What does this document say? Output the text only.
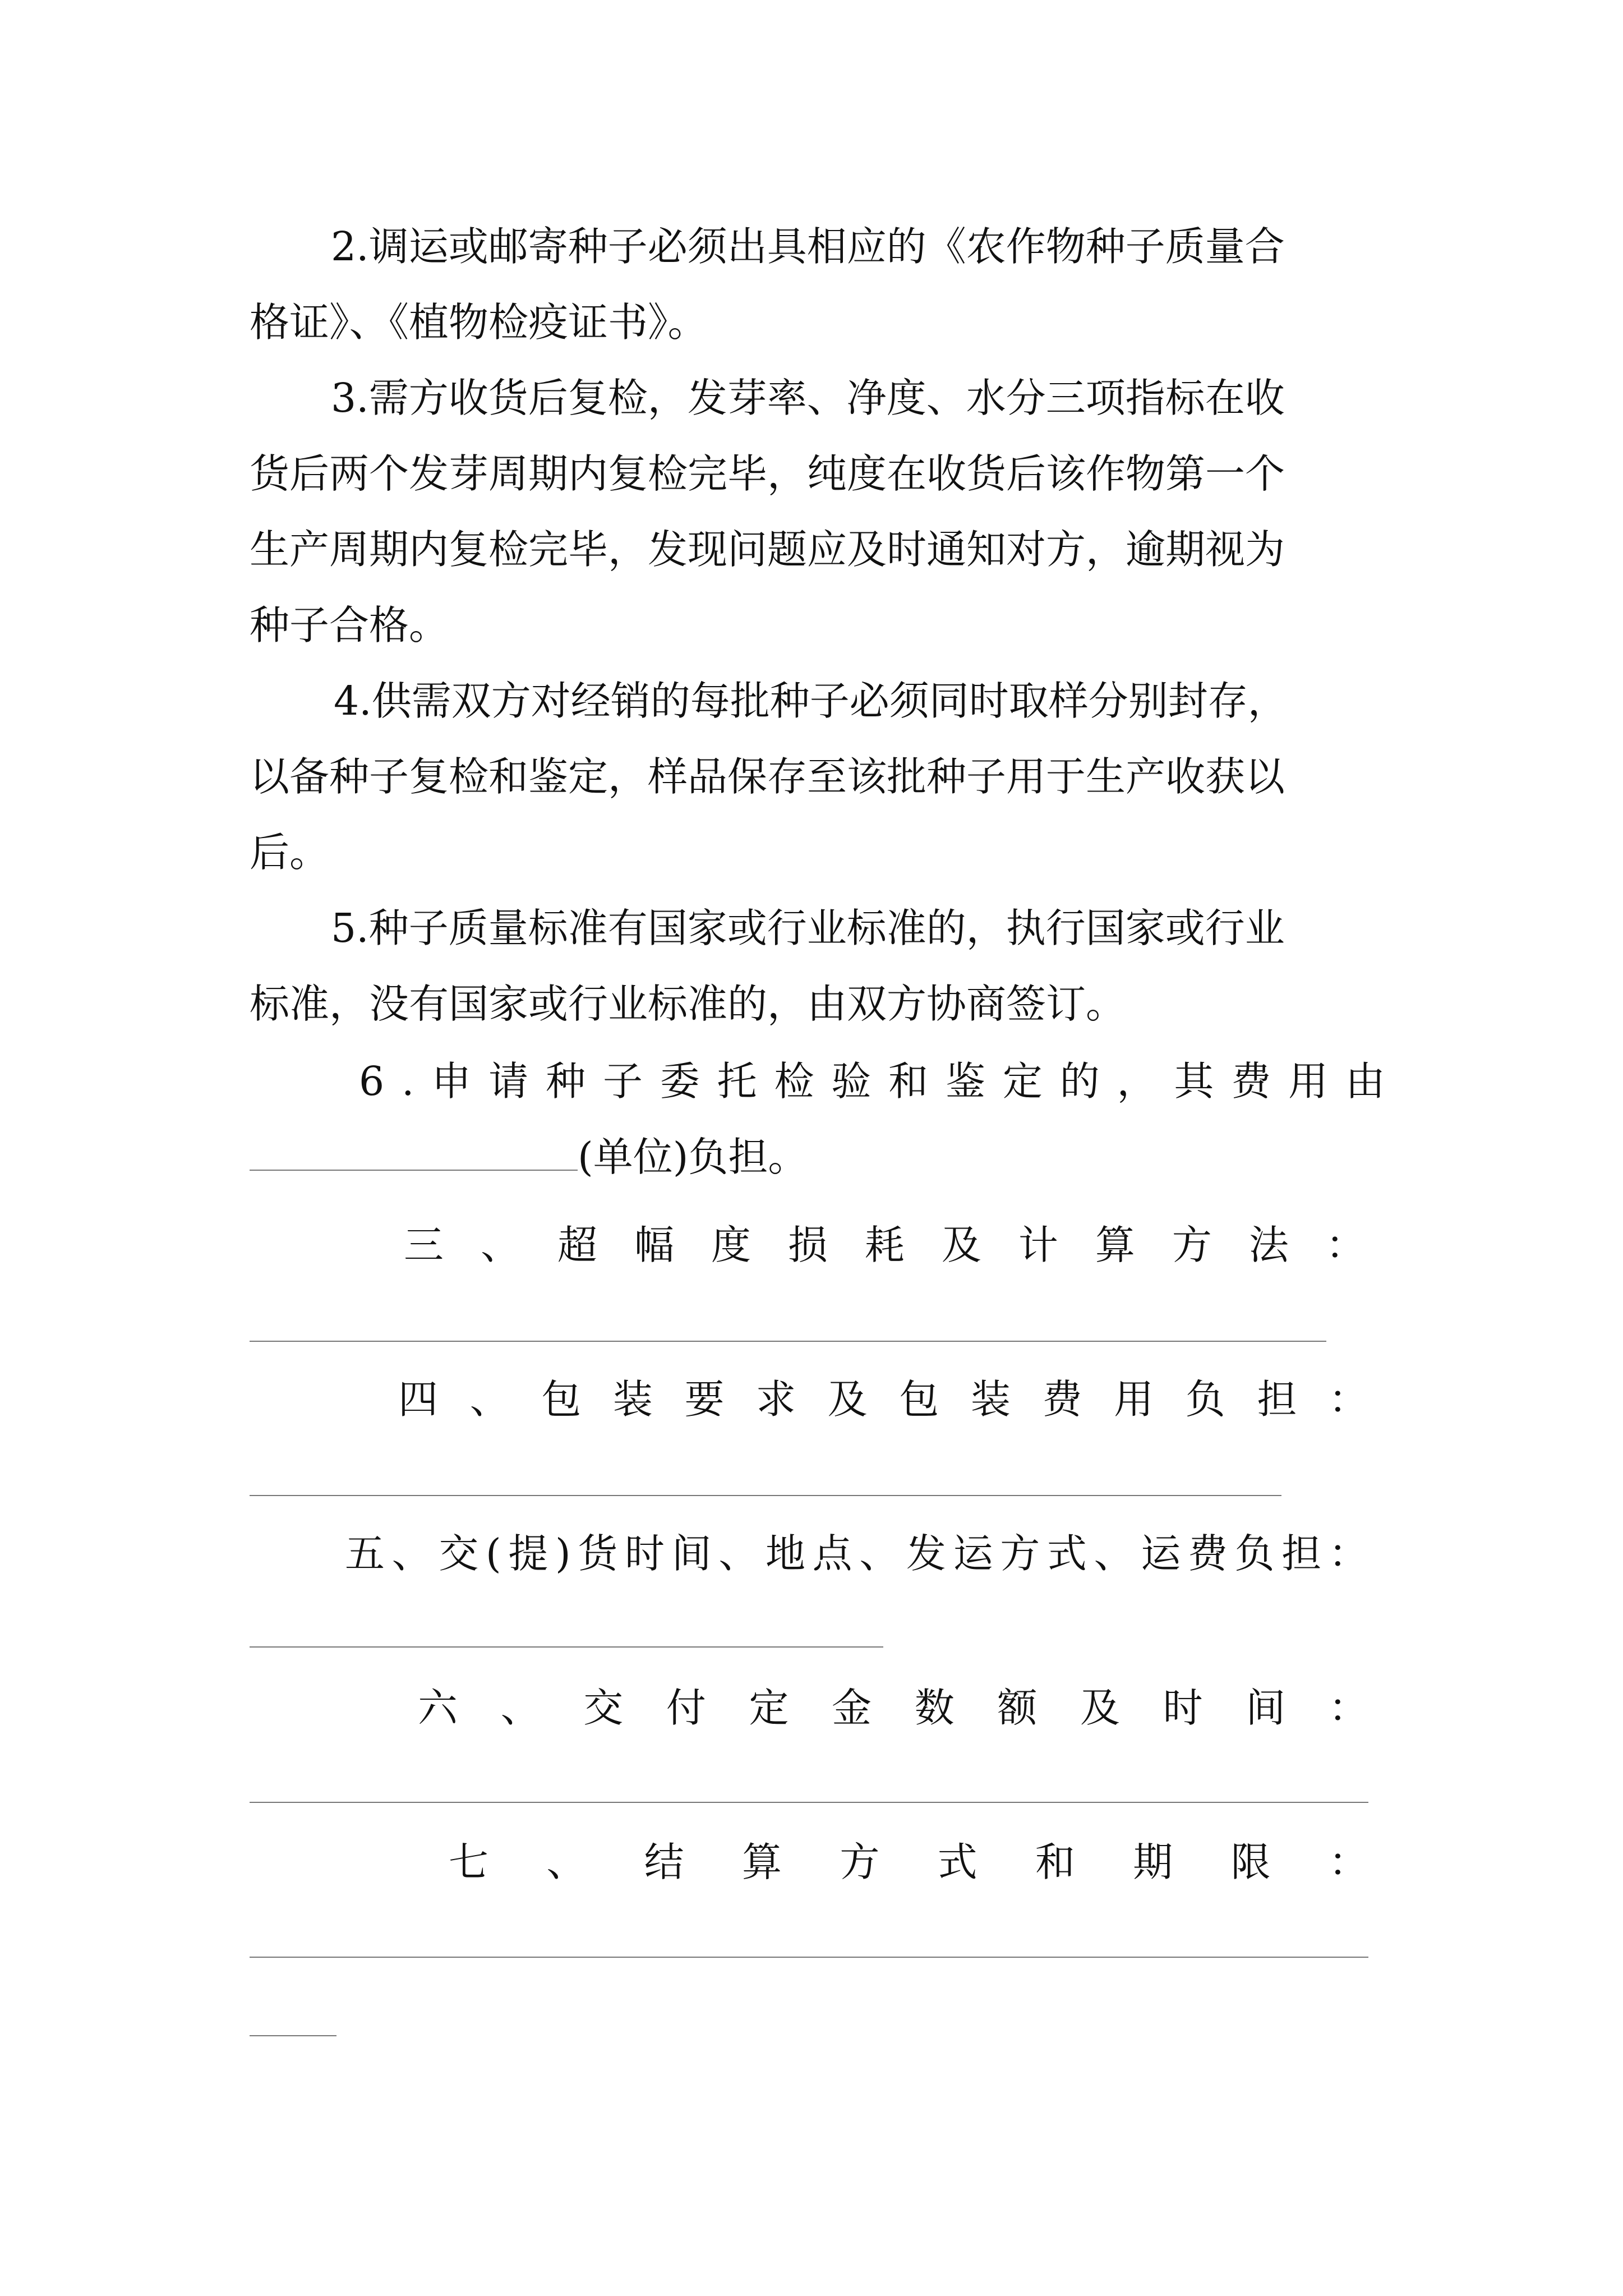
2.调运或邮寄种子必须出具相应的《农作物种子质量合
格证》、《植物检疫证书》。
3.需方收货后复检，发芽率、净度、水分三项指标在收
货后两个发芽周期内复检完毕，纯度在收货后该作物第一个
生产周期内复检完毕，发现问题应及时通知对方，逾期视为
种子合格。
4.供需双方对经销的每批种子必须同时取样分别封存，
以备种子复检和鉴定，样品保存至该批种子用于生产收获以
后。
5.种子质量标准有国家或行业标准的，执行国家或行业
标准，没有国家或行业标准的，由双方协商签订。
6 . 申 请 种 子 委 托 检 验 和 鉴 定 的 ， 其 费 用 由
(单位)负担。
三 、 超 幅 度 损 耗 及 计 算 方 法 ：
四 、 包 装 要 求 及 包 装 费 用 负 担 ：
五 、 交 ( 提 ) 货 时 间 、 地 点 、 发 运 方 式 、 运 费 负 担 ：
六 、 交 付 定 金 数 额 及 时 间 ：
七 、 结 算 方 式 和 期 限 ：
